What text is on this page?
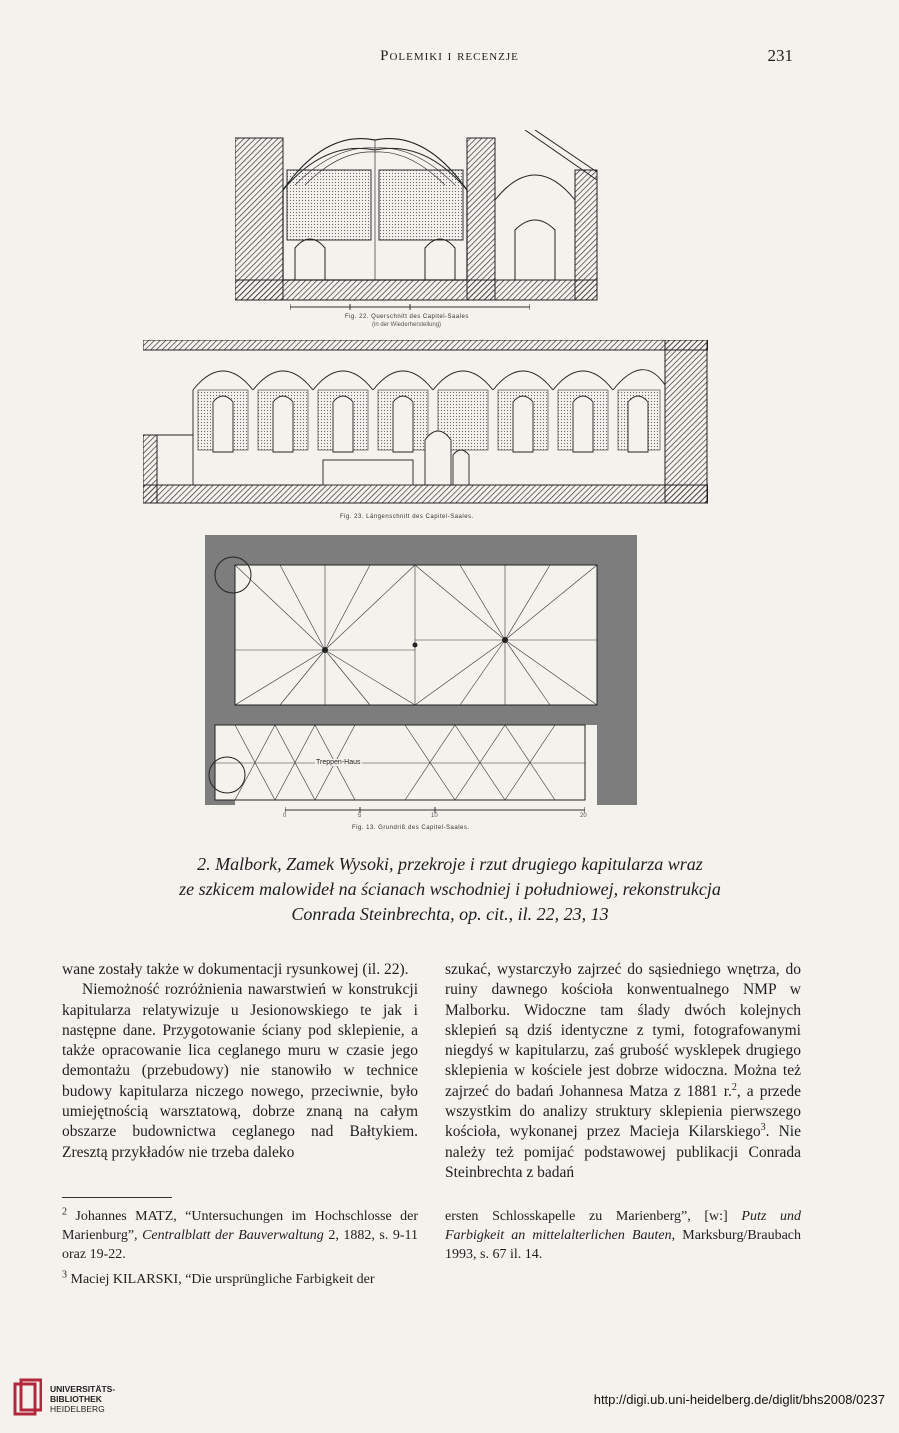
Polemiki i recenzje	231
Fig. 22. Querschnitt des Capitel-Saales
(in der Wiederherstellung)
Fig. 23. Längenschnitt des Capitel-Saales.
Treppen-Haus
0	5	10	20
Fig. 13. Grundriß des Capitel-Saales.
2. Malbork, Zamek Wysoki, przekroje i rzut drugiego kapitularza wraz
ze szkicem malowideł na ścianach wschodniej i południowej, rekonstrukcja
Conrada Steinbrechta, op. cit., il. 22, 23, 13

wane zostały także w dokumentacji rysunkowej (il. 22).

Niemożność rozróżnienia nawarstwień w konstrukcji kapitularza relatywizuje u Jesionowskiego te jak i następne dane. Przygotowanie ściany pod sklepienie, a także opracowanie lica ceglanego muru w czasie jego demontażu (przebudowy) nie stanowiło w technice budowy kapitularza niczego nowego, przeciwnie, było umiejętnością warsztatową, dobrze znaną na całym obszarze budownictwa ceglanego nad Bałtykiem. Zresztą przykładów nie trzeba daleko

szukać, wystarczyło zajrzeć do sąsiedniego wnętrza, do ruiny dawnego kościoła konwentualnego NMP w Malborku. Widoczne tam ślady dwóch kolejnych sklepień są dziś identyczne z tymi, fotografowanymi niegdyś w kapitularzu, zaś grubość wysklepek drugiego sklepienia w kościele jest dobrze widoczna. Można też zajrzeć do badań Johannesa Matza z 1881 r.$^2$, a przede wszystkim do analizy struktury sklepienia pierwszego kościoła, wykonanej przez Macieja Kilarskiego$^3$. Nie należy też pomijać podstawowej publikacji Conrada Steinbrechta z badań

$^2$ Johannes MATZ, “Untersuchungen im Hochschlosse der Marienburg”, Centralblatt der Bauverwaltung 2, 1882, s. 9-11 oraz 19-22.

$^3$ Maciej KILARSKI, “Die ursprüngliche Farbigkeit der

ersten Schlosskapelle zu Marienberg”, [w:] Putz und Farbigkeit an mittelalterlichen Bauten, Marksburg/Braubach 1993, s. 67 il. 14.

UNIVERSITÄTS-
BIBLIOTHEK
HEIDELBERG
http://digi.ub.uni-heidelberg.de/diglit/bhs2008/0237
